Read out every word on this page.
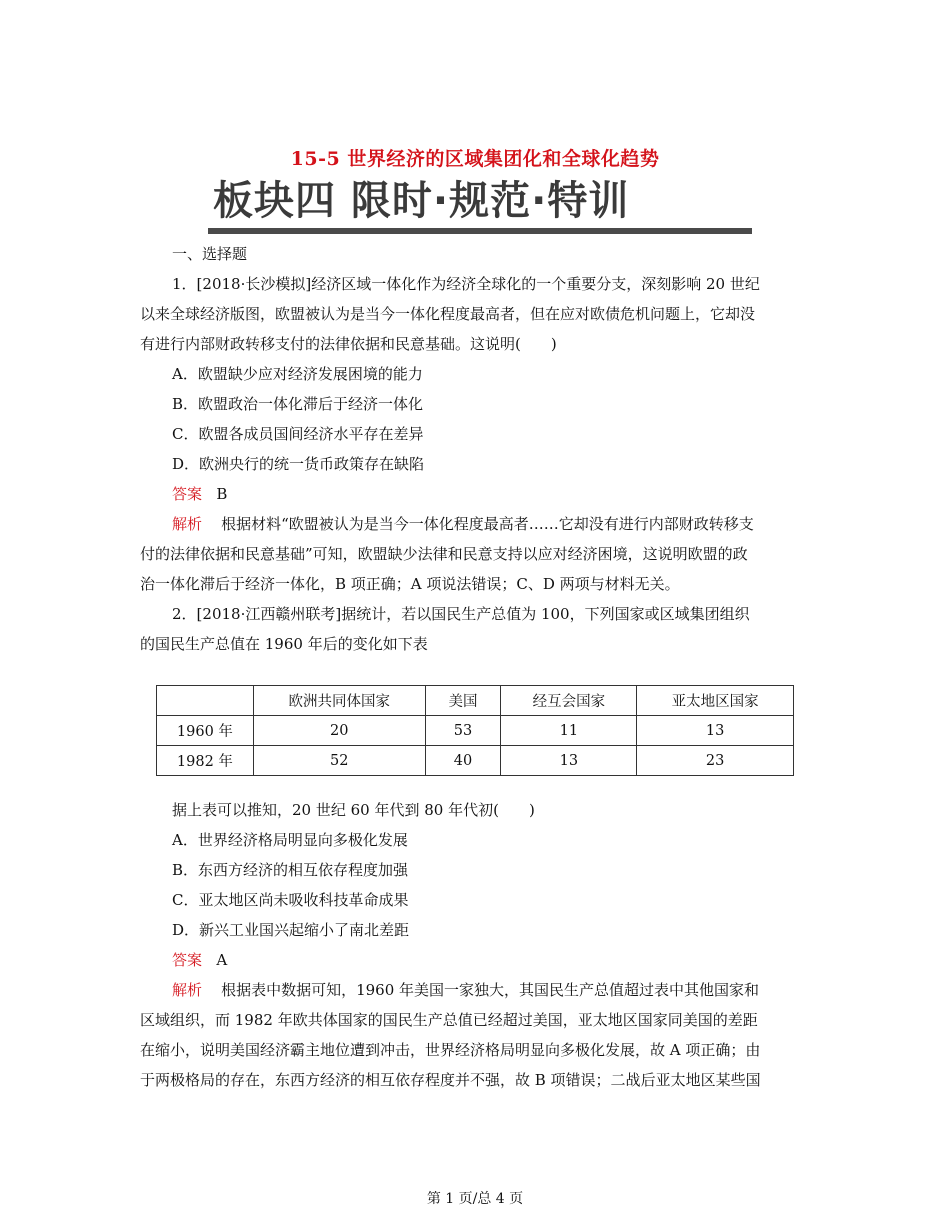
15-5 世界经济的区域集团化和全球化趋势
板块四 限时·规范·特训
一、选择题
1．[2018·长沙模拟]经济区域一体化作为经济全球化的一个重要分支，深刻影响 20 世纪
以来全球经济版图，欧盟被认为是当今一体化程度最高者，但在应对欧债危机问题上，它却没
有进行内部财政转移支付的法律依据和民意基础。这说明(　　)
A．欧盟缺少应对经济发展困境的能力
B．欧盟政治一体化滞后于经济一体化
C．欧盟各成员国间经济水平存在差异
D．欧洲央行的统一货币政策存在缺陷
答案 B
解析 根据材料“欧盟被认为是当今一体化程度最高者……它却没有进行内部财政转移支
付的法律依据和民意基础”可知，欧盟缺少法律和民意支持以应对经济困境，这说明欧盟的政
治一体化滞后于经济一体化，B 项正确；A 项说法错误；C、D 两项与材料无关。
2．[2018·江西赣州联考]据统计，若以国民生产总值为 100，下列国家或区域集团组织
的国民生产总值在 1960 年后的变化如下表
	欧洲共同体国家	美国	经互会国家	亚太地区国家
1960 年	20	53	11	13
1982 年	52	40	13	23
据上表可以推知，20 世纪 60 年代到 80 年代初(　　)
A．世界经济格局明显向多极化发展
B．东西方经济的相互依存程度加强
C．亚太地区尚未吸收科技革命成果
D．新兴工业国兴起缩小了南北差距
答案 A
解析 根据表中数据可知，1960 年美国一家独大，其国民生产总值超过表中其他国家和
区域组织，而 1982 年欧共体国家的国民生产总值已经超过美国，亚太地区国家同美国的差距
在缩小，说明美国经济霸主地位遭到冲击，世界经济格局明显向多极化发展，故 A 项正确；由
于两极格局的存在，东西方经济的相互依存程度并不强，故 B 项错误；二战后亚太地区某些国
第 1 页/总 4 页
